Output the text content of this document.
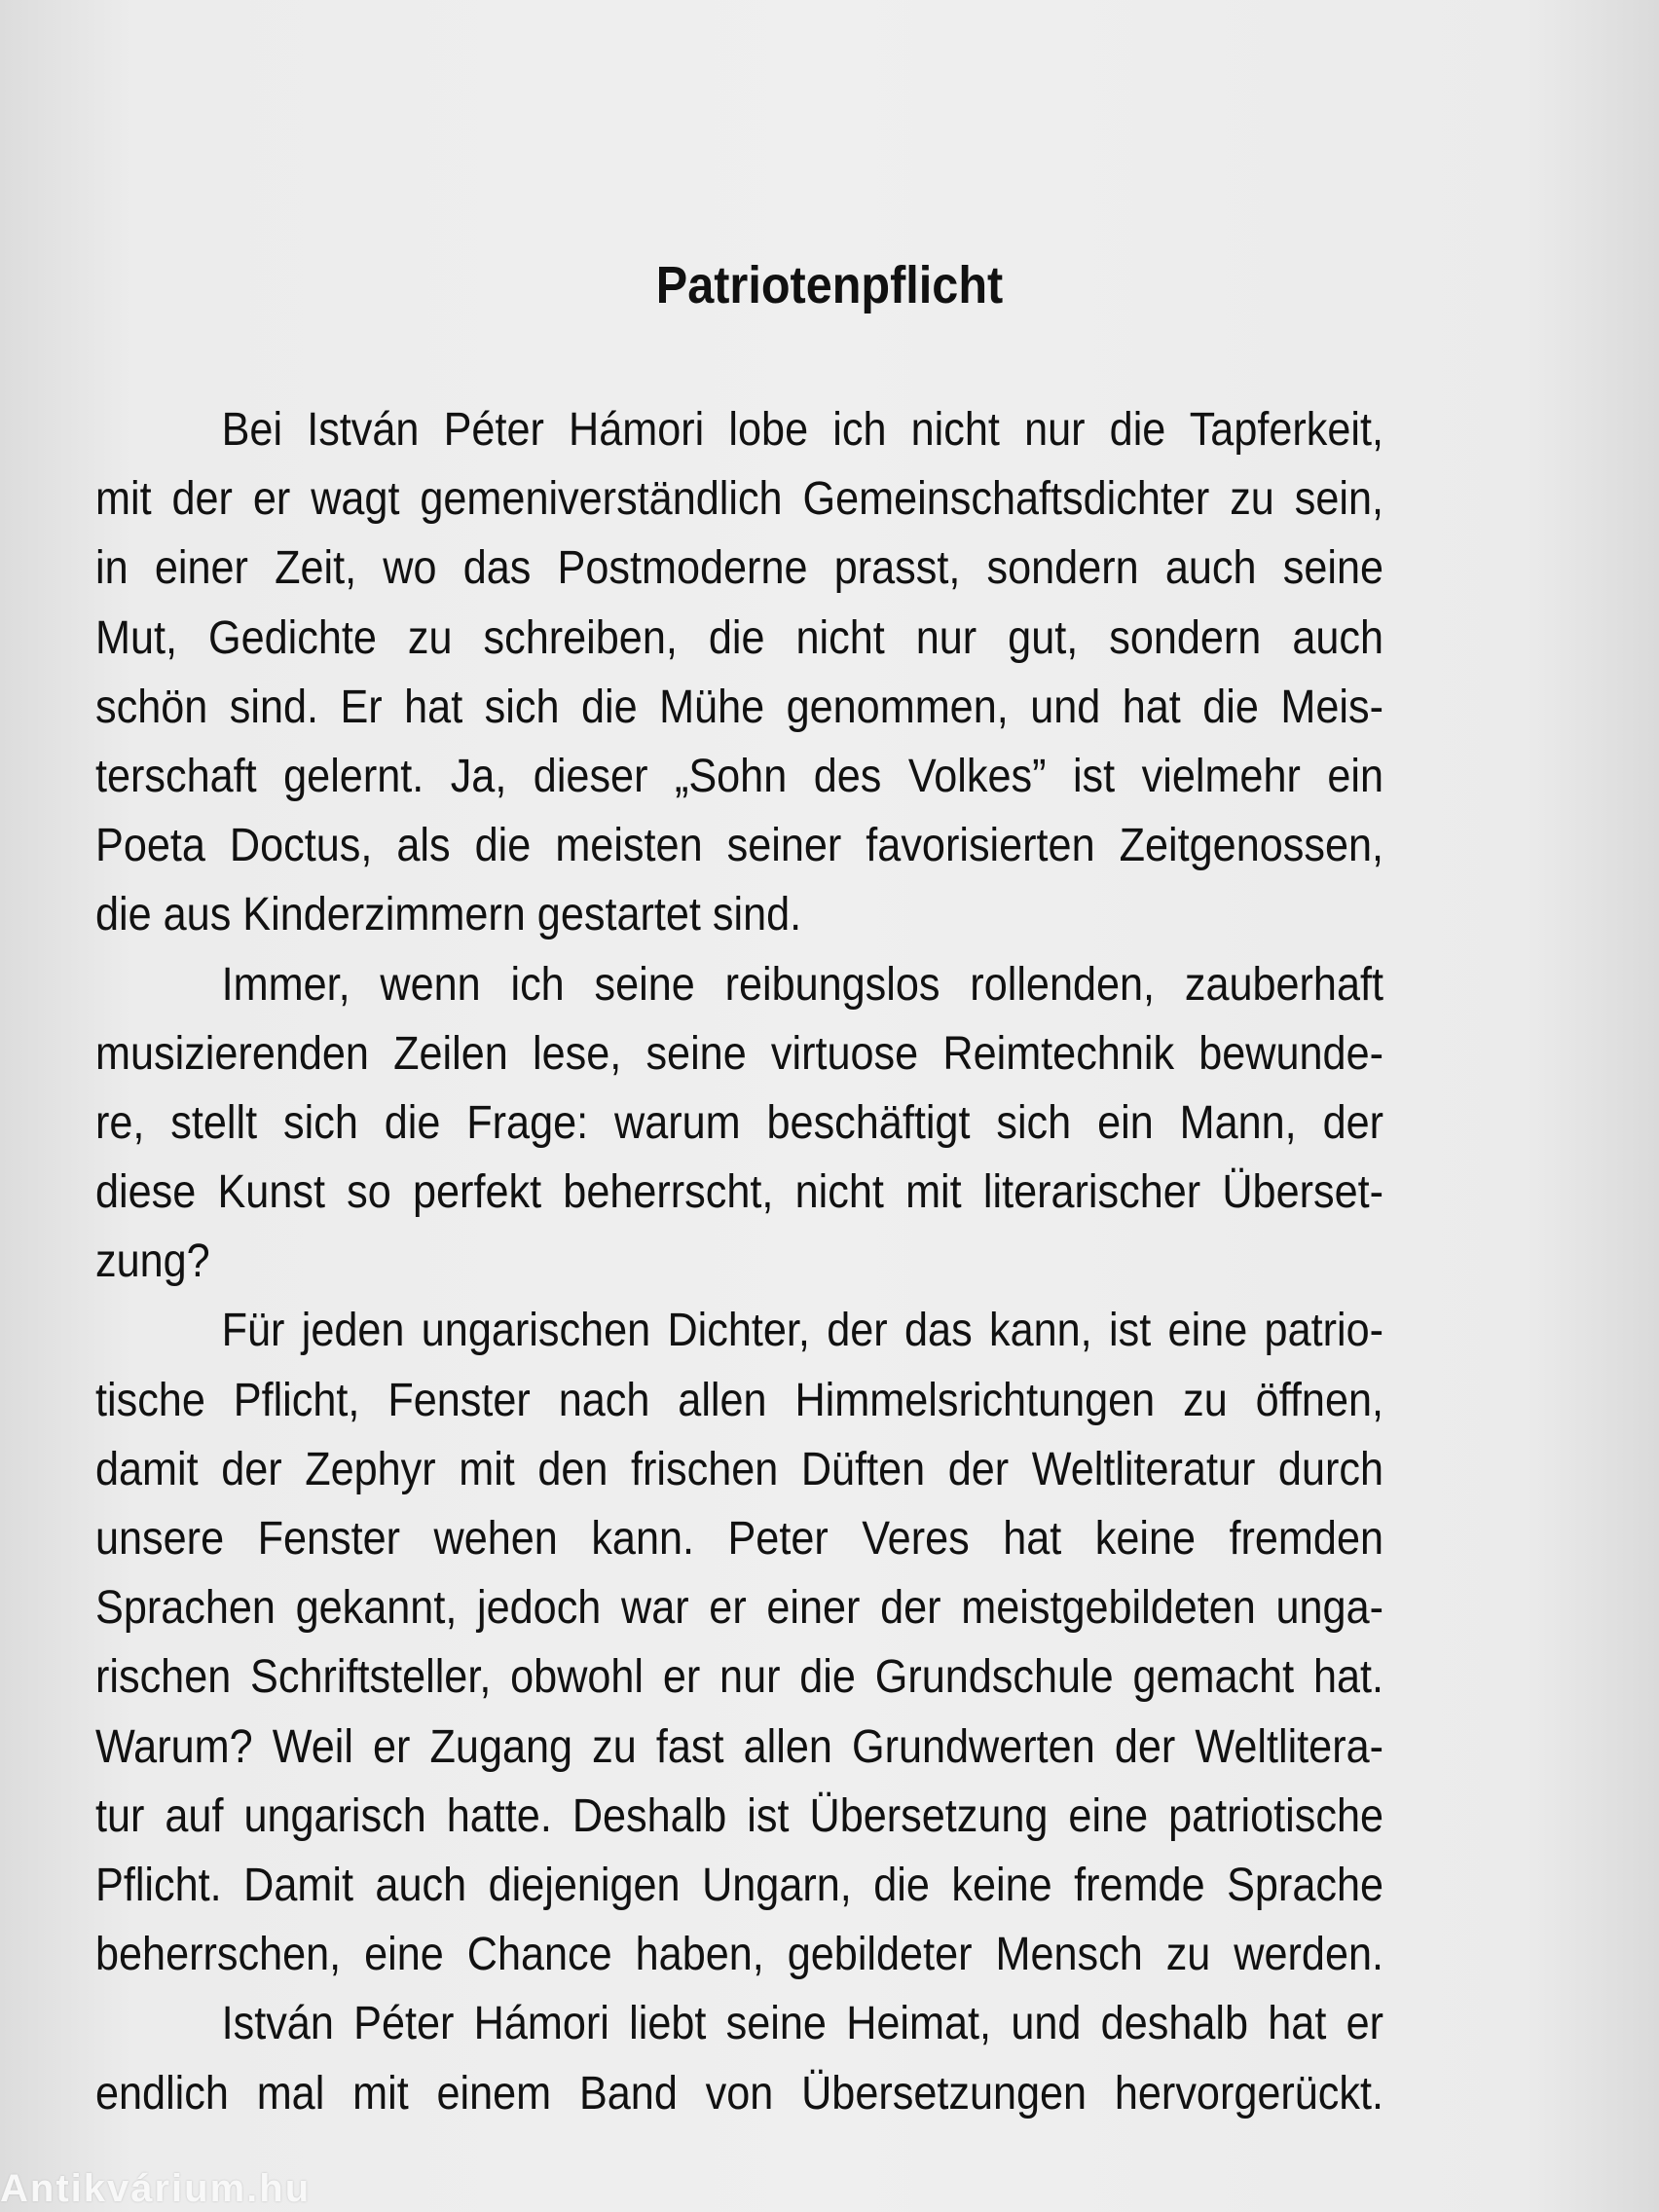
Patriotenpflicht
Bei István Péter Hámori lobe ich nicht nur die Tapferkeit,
mit der er wagt gemeniverständlich Gemeinschaftsdichter zu sein,
in einer Zeit, wo das Postmoderne prasst, sondern auch seine
Mut, Gedichte zu schreiben, die nicht nur gut, sondern auch
schön sind. Er hat sich die Mühe genommen, und hat die Meis-
terschaft gelernt. Ja, dieser „Sohn des Volkes” ist vielmehr ein
Poeta Doctus, als die meisten seiner favorisierten Zeitgenossen,
die aus Kinderzimmern gestartet sind.
Immer, wenn ich seine reibungslos rollenden, zauberhaft
musizierenden Zeilen lese, seine virtuose Reimtechnik bewunde-
re, stellt sich die Frage: warum beschäftigt sich ein Mann, der
diese Kunst so perfekt beherrscht, nicht mit literarischer Überset-
zung?
Für jeden ungarischen Dichter, der das kann, ist eine patrio-
tische Pflicht, Fenster nach allen Himmelsrichtungen zu öffnen,
damit der Zephyr mit den frischen Düften der Weltliteratur durch
unsere Fenster wehen kann. Peter Veres hat keine fremden
Sprachen gekannt, jedoch war er einer der meistgebildeten unga-
rischen Schriftsteller, obwohl er nur die Grundschule gemacht hat.
Warum? Weil er Zugang zu fast allen Grundwerten der Weltlitera-
tur auf ungarisch hatte. Deshalb ist Übersetzung eine patriotische
Pflicht. Damit auch diejenigen Ungarn, die keine fremde Sprache
beherrschen, eine Chance haben, gebildeter Mensch zu werden.
István Péter Hámori liebt seine Heimat, und deshalb hat er
endlich mal mit einem Band von Übersetzungen hervorgerückt.
Antikvárium.hu
